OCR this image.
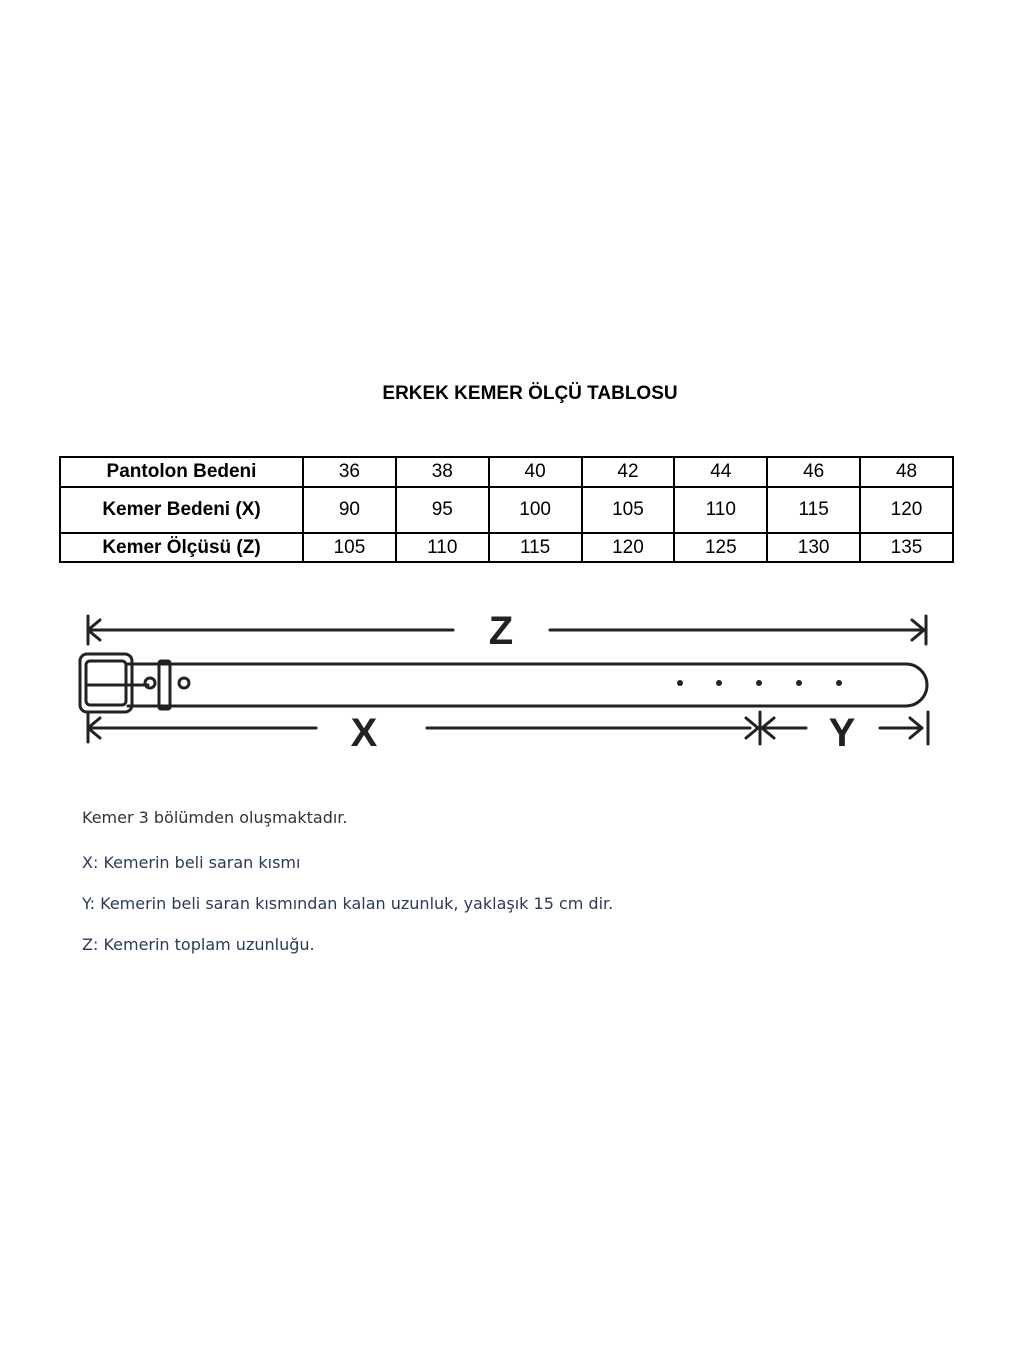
ERKEK KEMER ÖLÇÜ TABLOSU
Pantolon Bedeni	36	38	40	42	44	46	48
Kemer Bedeni (X)	90	95	100	105	110	115	120
Kemer Ölçüsü (Z)	105	110	115	120	125	130	135
Z
X	Y
Kemer 3 bölümden oluşmaktadır.
X: Kemerin beli saran kısmı
Y: Kemerin beli saran kısmından kalan uzunluk, yaklaşık 15 cm dir.
Z: Kemerin toplam uzunluğu.
